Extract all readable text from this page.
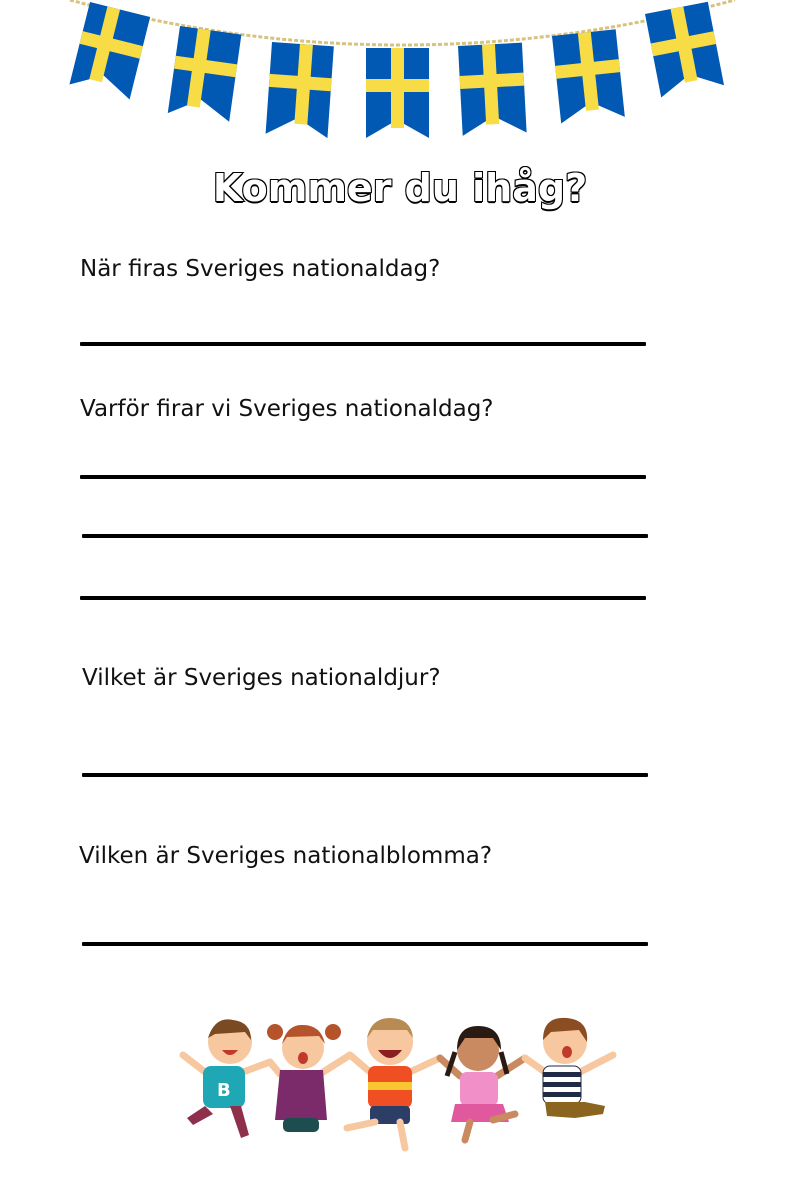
Kommer du ihåg?
När firas Sveriges nationaldag?
Varför firar vi Sveriges nationaldag?
Vilket är Sveriges nationaldjur?
Vilken är Sveriges nationalblomma?
B
